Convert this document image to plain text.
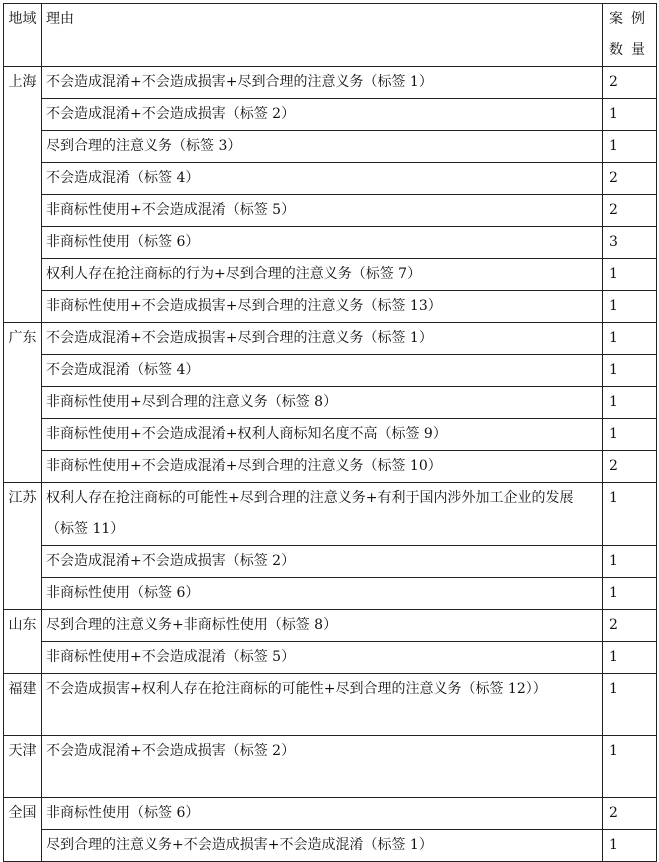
地域	理由	案例数量
上海	不会造成混淆+不会造成损害+尽到合理的注意义务（标签 1）	2
	不会造成混淆+不会造成损害（标签 2）	1
	尽到合理的注意义务（标签 3）	1
	不会造成混淆（标签 4）	2
	非商标性使用+不会造成混淆（标签 5）	2
	非商标性使用（标签 6）	3
	权利人存在抢注商标的行为+尽到合理的注意义务（标签 7）	1
	非商标性使用+不会造成损害+尽到合理的注意义务（标签 13）	1
广东	不会造成混淆+不会造成损害+尽到合理的注意义务（标签 1）	1
	不会造成混淆（标签 4）	1
	非商标性使用+尽到合理的注意义务（标签 8）	1
	非商标性使用+不会造成混淆+权利人商标知名度不高（标签 9）	1
	非商标性使用+不会造成混淆+尽到合理的注意义务（标签 10）	2
江苏	权利人存在抢注商标的可能性+尽到合理的注意义务+有利于国内涉外加工企业的发展（标签 11）	1
	不会造成混淆+不会造成损害（标签 2）	1
	非商标性使用（标签 6）	1
山东	尽到合理的注意义务+非商标性使用（标签 8）	2
	非商标性使用+不会造成混淆（标签 5）	1
福建	不会造成损害+权利人存在抢注商标的可能性+尽到合理的注意义务（标签 12））	1
天津	不会造成混淆+不会造成损害（标签 2）	1
全国	非商标性使用（标签 6）	2
	尽到合理的注意义务+不会造成损害+不会造成混淆（标签 1）	1
